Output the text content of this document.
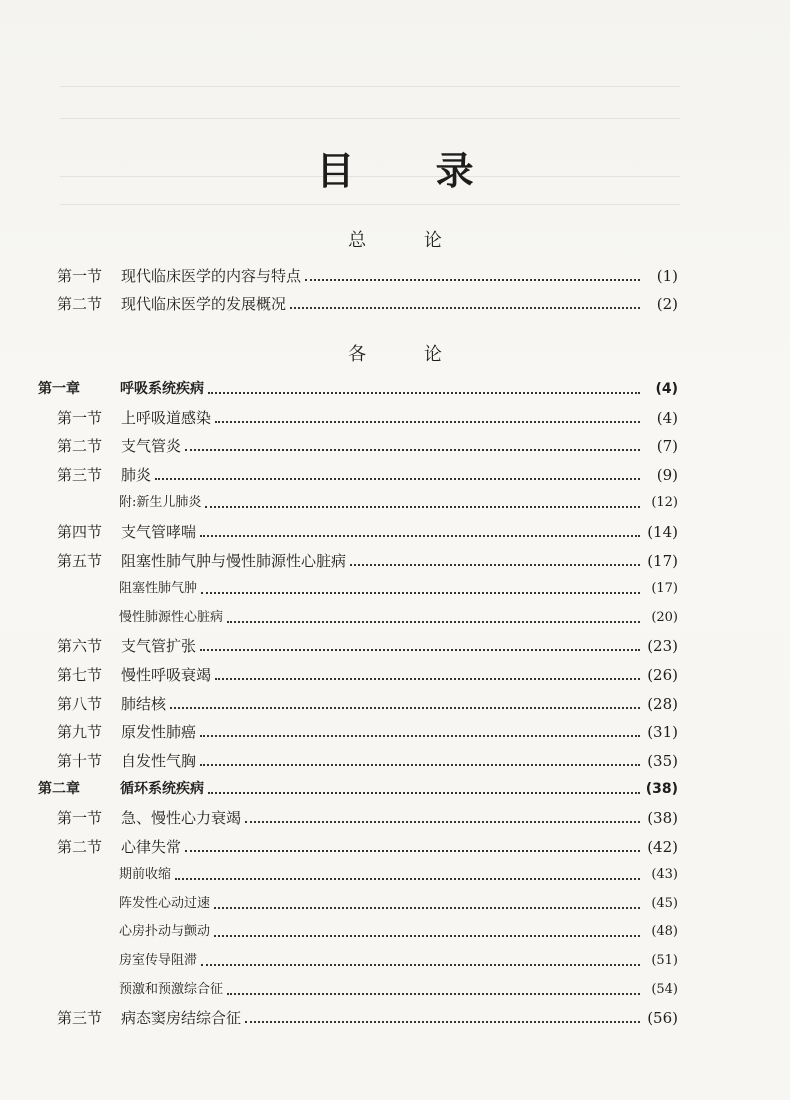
目 录
总 论
第一节	现代临床医学的内容与特点	(1)
第二节	现代临床医学的发展概况	(2)
各 论
第一章	呼吸系统疾病	(4)
第一节	上呼吸道感染	(4)
第二节	支气管炎	(7)
第三节	肺炎	(9)
附:新生儿肺炎	(12)
第四节	支气管哮喘	(14)
第五节	阻塞性肺气肿与慢性肺源性心脏病	(17)
阻塞性肺气肿	(17)
慢性肺源性心脏病	(20)
第六节	支气管扩张	(23)
第七节	慢性呼吸衰竭	(26)
第八节	肺结核	(28)
第九节	原发性肺癌	(31)
第十节	自发性气胸	(35)
第二章	循环系统疾病	(38)
第一节	急、慢性心力衰竭	(38)
第二节	心律失常	(42)
期前收缩	(43)
阵发性心动过速	(45)
心房扑动与颤动	(48)
房室传导阻滞	(51)
预激和预激综合征	(54)
第三节	病态窦房结综合征	(56)
